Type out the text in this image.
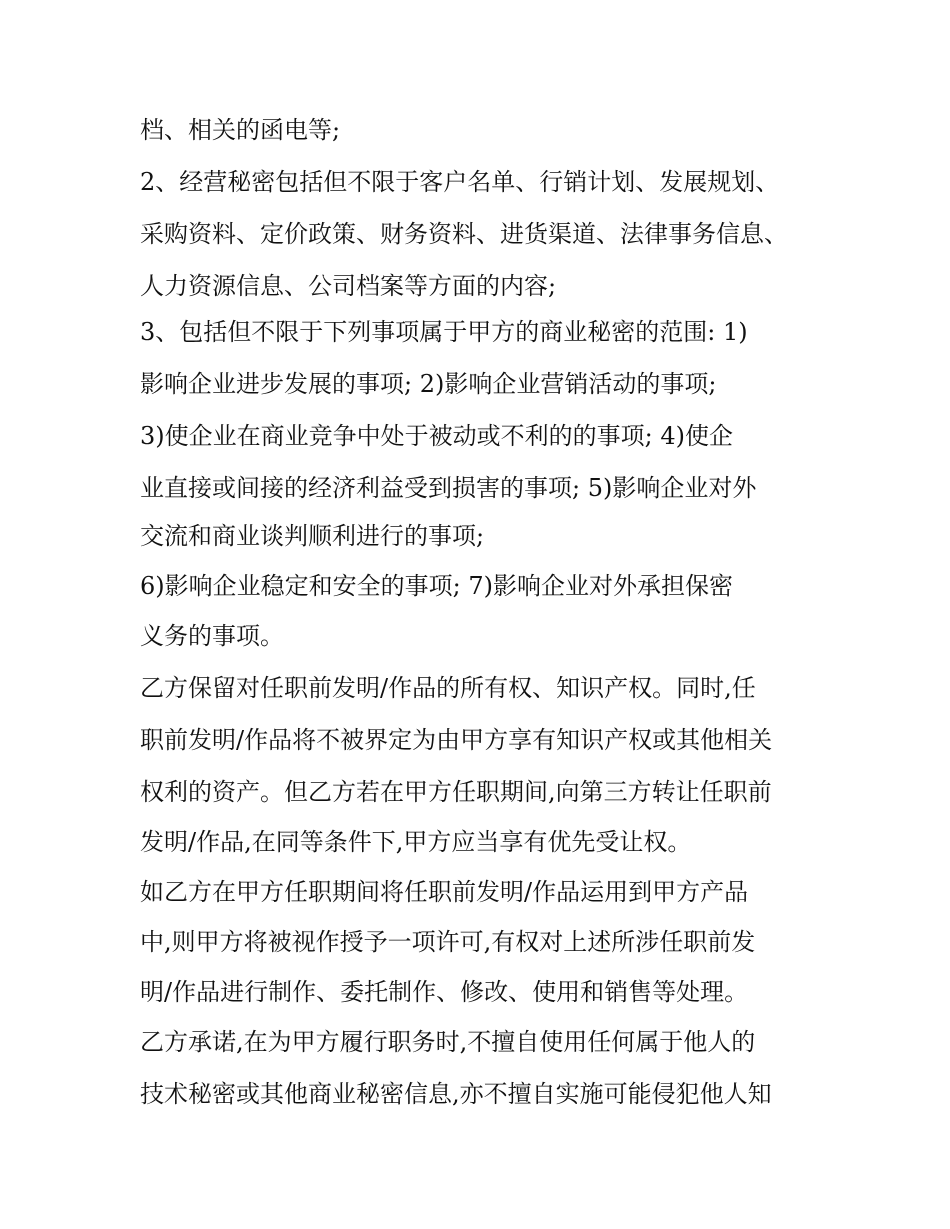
档、相关的函电等;
2、经营秘密包括但不限于客户名单、行销计划、发展规划、
采购资料、定价政策、财务资料、进货渠道、法律事务信息、
人力资源信息、公司档案等方面的内容;
3、包括但不限于下列事项属于甲方的商业秘密的范围: 1)
影响企业进步发展的事项; 2)影响企业营销活动的事项;
3)使企业在商业竞争中处于被动或不利的的事项; 4)使企
业直接或间接的经济利益受到损害的事项; 5)影响企业对外
交流和商业谈判顺利进行的事项;
6)影响企业稳定和安全的事项; 7)影响企业对外承担保密
义务的事项。
乙方保留对任职前发明/作品的所有权、知识产权。同时,任
职前发明/作品将不被界定为由甲方享有知识产权或其他相关
权利的资产。但乙方若在甲方任职期间,向第三方转让任职前
发明/作品,在同等条件下,甲方应当享有优先受让权。
如乙方在甲方任职期间将任职前发明/作品运用到甲方产品
中,则甲方将被视作授予一项许可,有权对上述所涉任职前发
明/作品进行制作、委托制作、修改、使用和销售等处理。
乙方承诺,在为甲方履行职务时,不擅自使用任何属于他人的
技术秘密或其他商业秘密信息,亦不擅自实施可能侵犯他人知
